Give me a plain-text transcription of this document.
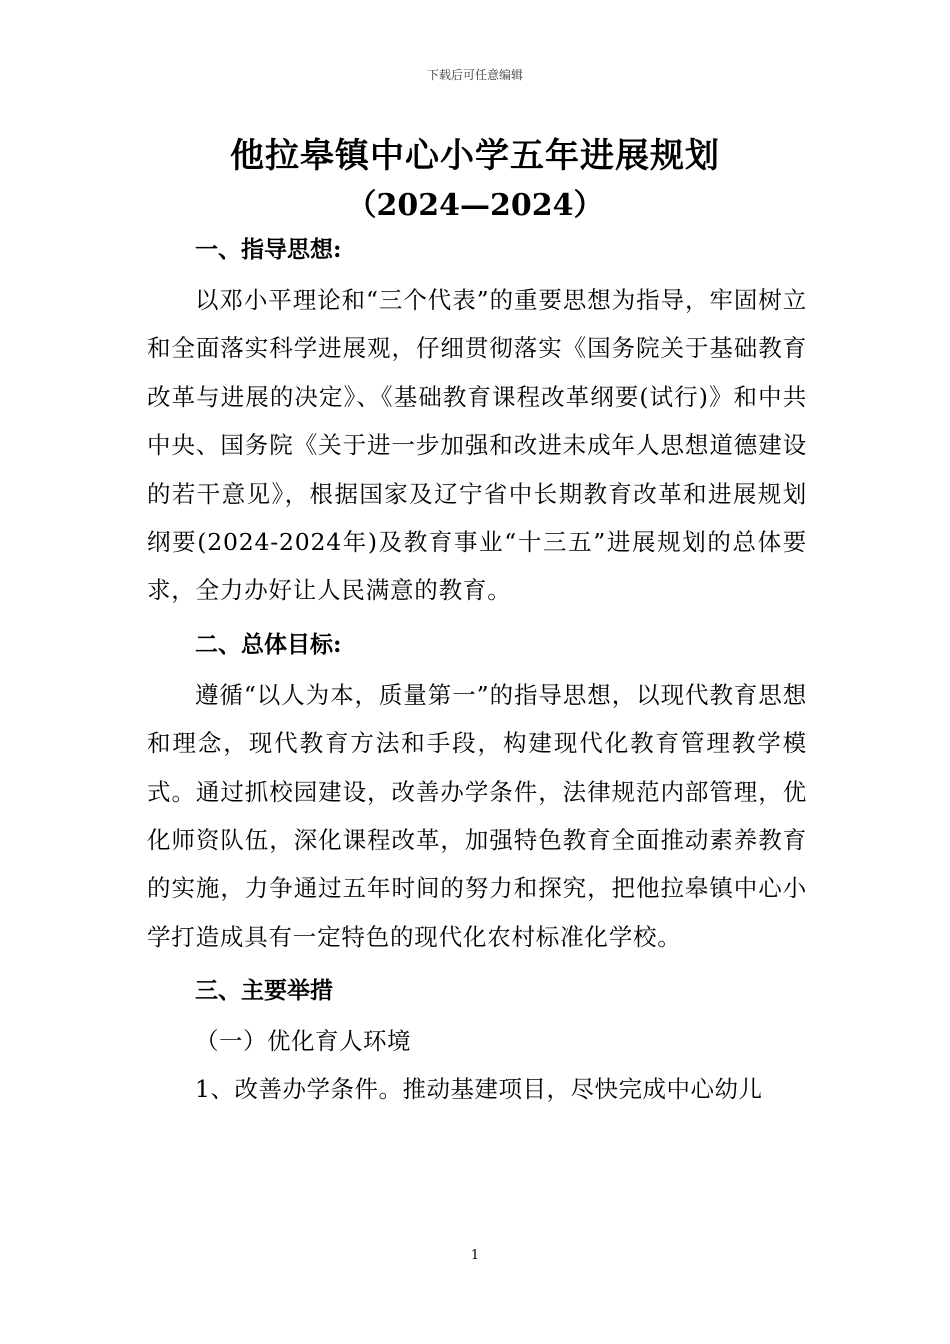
下载后可任意编辑
他拉皋镇中心小学五年进展规划
（2024—2024）
一、指导思想:

以邓小平理论和“三个代表”的重要思想为指导，牢固树立和全面落实科学进展观，仔细贯彻落实《国务院关于基础教育改革与进展的决定》、《基础教育课程改革纲要(试行)》和中共中央、国务院《关于进一步加强和改进未成年人思想道德建设的若干意见》，根据国家及辽宁省中长期教育改革和进展规划纲要(2024-2024年)及教育事业“十三五”进展规划的总体要求，全力办好让人民满意的教育。

二、总体目标:

遵循“以人为本，质量第一”的指导思想，以现代教育思想和理念，现代教育方法和手段，构建现代化教育管理教学模式。通过抓校园建设，改善办学条件，法律规范内部管理，优化师资队伍，深化课程改革，加强特色教育全面推动素养教育的实施，力争通过五年时间的努力和探究，把他拉皋镇中心小学打造成具有一定特色的现代化农村标准化学校。

三、主要举措
（一）优化育人环境
1、改善办学条件。推动基建项目，尽快完成中心幼儿
1
